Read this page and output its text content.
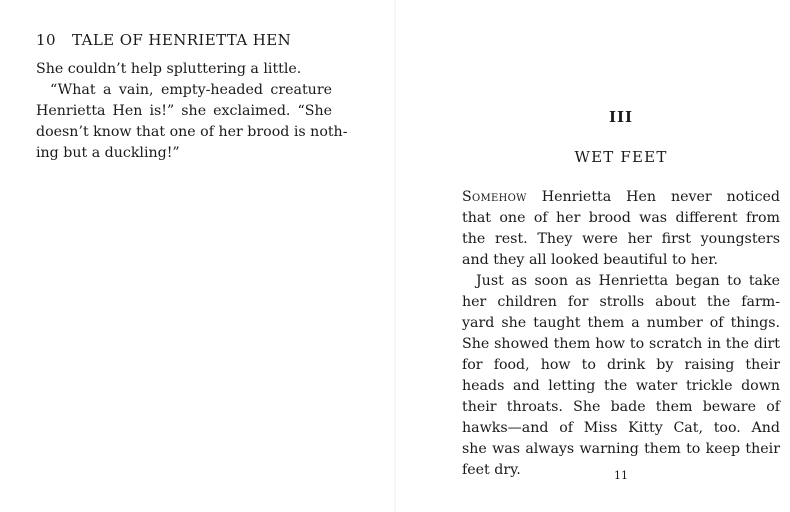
10 TALE OF HENRIETTA HEN
She couldn’t help spluttering a little.
“What a vain, empty-headed creature
Henrietta Hen is!” she exclaimed. “She
doesn’t know that one of her brood is noth-
ing but a duckling!”
III
WET FEET
Somehow Henrietta Hen never noticed
that one of her brood was different from
the rest. They were her first youngsters
and they all looked beautiful to her.
Just as soon as Henrietta began to take
her children for strolls about the farm-
yard she taught them a number of things.
She showed them how to scratch in the dirt
for food, how to drink by raising their
heads and letting the water trickle down
their throats. She bade them beware of
hawks—and of Miss Kitty Cat, too. And
she was always warning them to keep their
feet dry.	11
